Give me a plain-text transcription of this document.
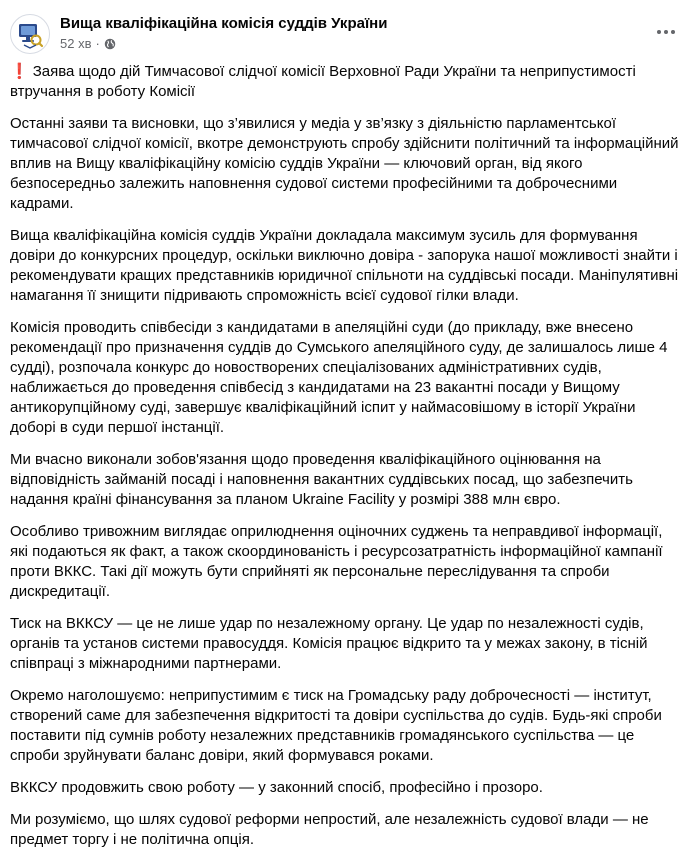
Вища кваліфікаційна комісія суддів України
52 хв ·

❗ Заява щодо дій Тимчасової слідчої комісії Верховної Ради України та неприпустимості втручання в роботу Комісії

Останні заяви та висновки, що з’явилися у медіа у зв’язку з діяльністю парламентської тимчасової слідчої комісії, вкотре демонструють спробу здійснити політичний та інформаційний вплив на Вищу кваліфікаційну комісію суддів України — ключовий орган, від якого безпосередньо залежить наповнення судової системи професійними та доброчесними кадрами.

Вища кваліфікаційна комісія суддів України докладала максимум зусиль для формування довіри до конкурсних процедур, оскільки виключно довіра - запорука нашої можливості знайти і рекомендувати кращих представників юридичної спільноти на суддівські посади. Маніпулятивні намагання її знищити підривають спроможність всієї судової гілки влади.

Комісія проводить співбесіди з кандидатами в апеляційні суди (до прикладу, вже внесено рекомендації про призначення суддів до Сумського апеляційного суду, де залишалось лише 4 судді), розпочала конкурс до новостворених спеціалізованих адміністративних судів, наближається до проведення співбесід з кандидатами на 23 вакантні посади у Вищому антикорупційному суді, завершує кваліфікаційний іспит у наймасовішому в історії України доборі в суди першої інстанції.

Ми вчасно виконали зобов'язання щодо проведення кваліфікаційного оцінювання на відповідність займаній посаді і наповнення вакантних суддівських посад, що забезпечить надання країні фінансування за планом Ukraine Facility у розмірі 388 млн євро.

Особливо тривожним виглядає оприлюднення оціночних суджень та неправдивої інформації, які подаються як факт, а також скоординованість і ресурсозатратність інформаційної кампанії проти ВККС. Такі дії можуть бути сприйняті як персональне переслідування та спроби дискредитації.

Тиск на ВККСУ — це не лише удар по незалежному органу. Це удар по незалежності судів, органів та установ системи правосуддя. Комісія працює відкрито та у межах закону, в тісній співпраці з міжнародними партнерами.

Окремо наголошуємо: неприпустимим є тиск на Громадську раду доброчесності — інститут, створений саме для забезпечення відкритості та довіри суспільства до судів. Будь-які спроби поставити під сумнів роботу незалежних представників громадянського суспільства — це спроби зруйнувати баланс довіри, який формувався роками.

ВККСУ продовжить свою роботу — у законний спосіб, професійно і прозоро.

Ми розуміємо, що шлях судової реформи непростий, але незалежність судової влади — не предмет торгу і не політична опція.
